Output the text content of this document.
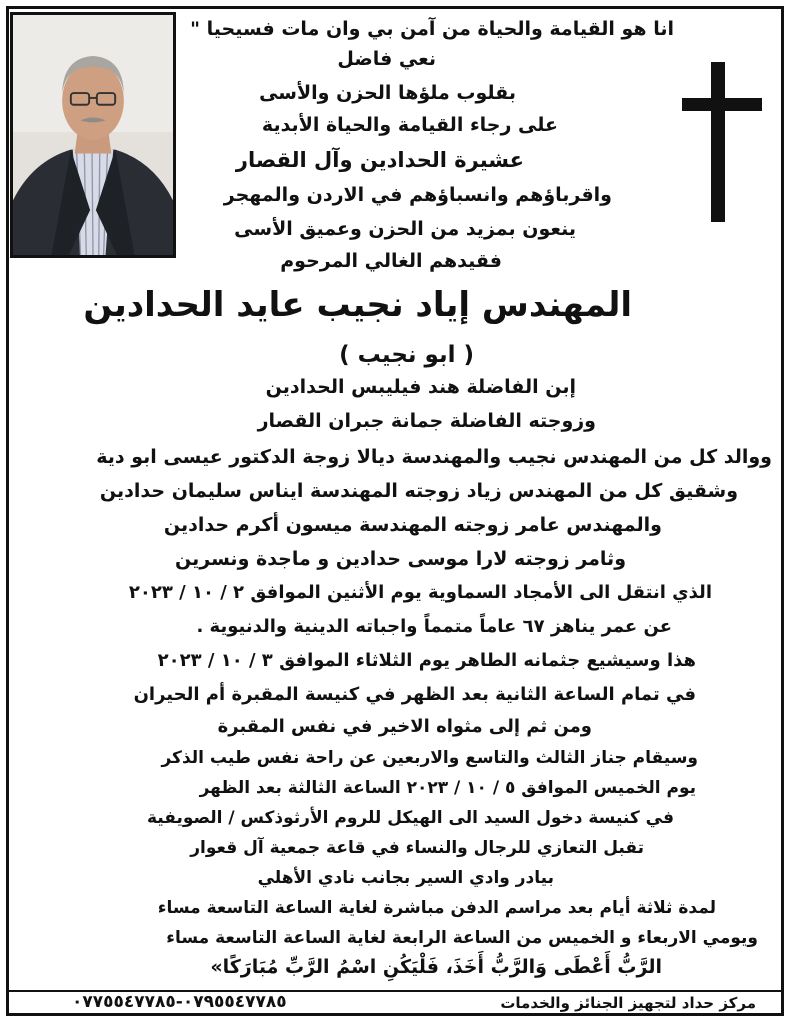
انا هو القيامة والحياة من آمن بي وان مات فسيحيا "
نعي فاضل
بقلوب ملؤها الحزن والأسى
على رجاء القيامة والحياة الأبدية
عشيرة الحدادين وآل القصار
واقرباؤهم وانسباؤهم في الاردن والمهجر
ينعون بمزيد من الحزن وعميق الأسى
فقيدهم الغالي المرحوم
المهندس إياد نجيب عايد الحدادين
( ابو نجيب )
إبن الفاضلة هند فيليبس الحدادين
وزوجته الفاضلة جمانة جبران القصار
ووالد كل من المهندس نجيب والمهندسة ديالا زوجة الدكتور عيسى ابو دية
وشقيق كل من المهندس زياد زوجته المهندسة ايناس سليمان حدادين
والمهندس عامر زوجته المهندسة ميسون أكرم حدادين
وثامر زوجته لارا موسى حدادين و ماجدة ونسرين
الذي انتقل الى الأمجاد السماوية يوم الأثنين الموافق ٢ / ١٠ / ٢٠٢٣
عن عمر يناهز ٦٧ عاماً متمماً واجباته الدينية والدنيوية .
هذا وسيشيع جثمانه الطاهر يوم الثلاثاء الموافق ٣ / ١٠ / ٢٠٢٣
في تمام الساعة الثانية بعد الظهر في كنيسة المقبرة أم الحيران
ومن ثم إلى مثواه الاخير في نفس المقبرة
وسيقام جناز الثالث والتاسع والاربعين عن راحة نفس طيب الذكر
يوم الخميس الموافق ٥ / ١٠ / ٢٠٢٣ الساعة الثالثة بعد الظهر
في كنيسة دخول السيد الى الهيكل للروم الأرثوذكس / الصويفية
تقبل التعازي للرجال والنساء في قاعة جمعية آل قعوار
بيادر وادي السير بجانب نادي الأهلي
لمدة ثلاثة أيام بعد مراسم الدفن مباشرة لغاية الساعة التاسعة مساء
ويومي الاربعاء و الخميس من الساعة الرابعة لغاية الساعة التاسعة مساء
الرَّبُّ أَعْطَى وَالرَّبُّ أَخَذَ، فَلْيَكُنِ اسْمُ الرَّبِّ مُبَارَكًا»
مركز حداد لتجهيز الجنائز والخدمات
٠٧٩٥٥٤٧٧٨٥-٠٧٧٥٥٤٧٧٨٥
